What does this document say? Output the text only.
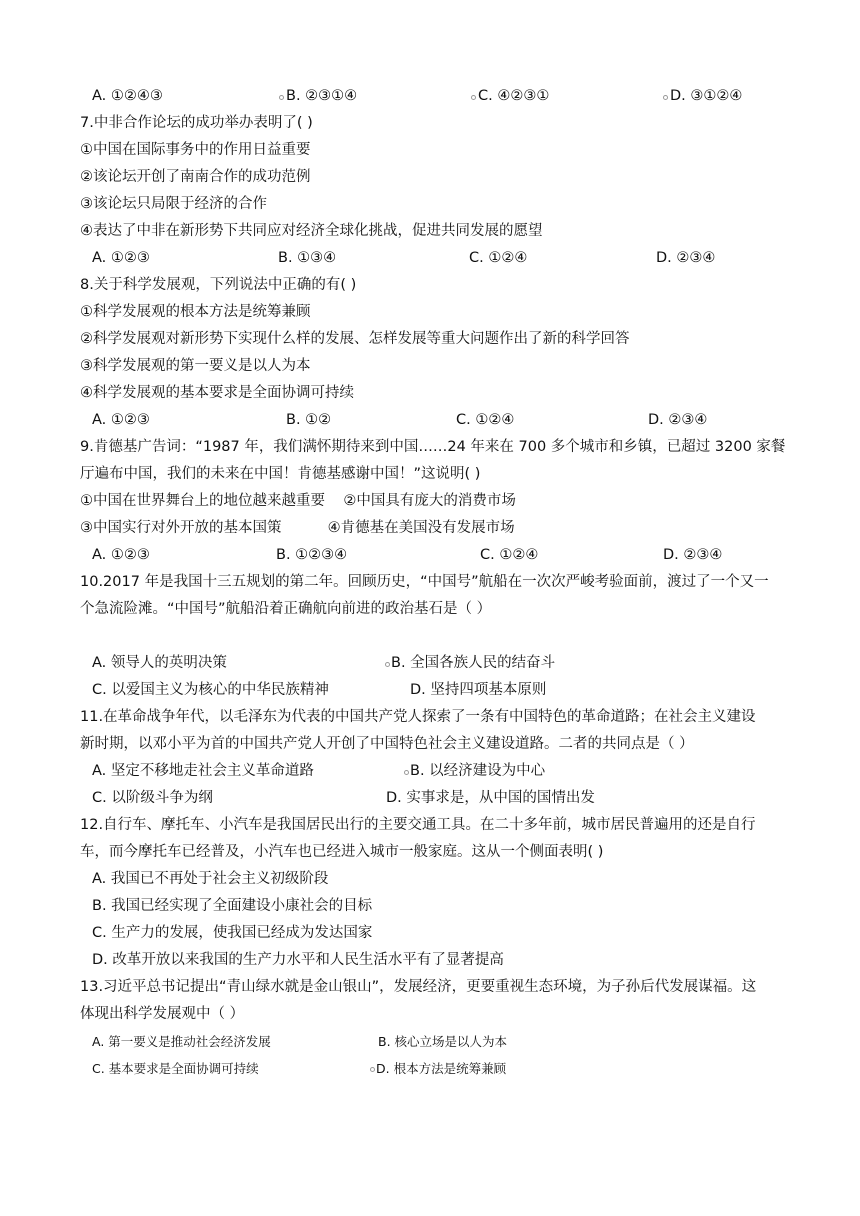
A. ①②④③	B. ②③①④	C. ④②③①	D. ③①②④
7.中非合作论坛的成功举办表明了( )
①中国在国际事务中的作用日益重要
②该论坛开创了南南合作的成功范例
③该论坛只局限于经济的合作
④表达了中非在新形势下共同应对经济全球化挑战，促进共同发展的愿望
A. ①②③	B. ①③④	C. ①②④	D. ②③④
8.关于科学发展观，下列说法中正确的有( )
①科学发展观的根本方法是统筹兼顾
②科学发展观对新形势下实现什么样的发展、怎样发展等重大问题作出了新的科学回答
③科学发展观的第一要义是以人为本
④科学发展观的基本要求是全面协调可持续
A. ①②③	B. ①②	C. ①②④	D. ②③④
9.肯德基广告词：“1987 年，我们满怀期待来到中国……24 年来在 700 多个城市和乡镇，已超过 3200 家餐
厅遍布中国，我们的未来在中国！肯德基感谢中国！”这说明( )
①中国在世界舞台上的地位越来越重要    ②中国具有庞大的消费市场
③中国实行对外开放的基本国策          ④肯德基在美国没有发展市场
A. ①②③	B. ①②③④	C. ①②④	D. ②③④
10.2017 年是我国十三五规划的第二年。回顾历史，“中国号”航船在一次次严峻考验面前，渡过了一个又一
个急流险滩。“中国号”航船沿着正确航向前进的政治基石是（ ）
A. 领导人的英明决策	B. 全国各族人民的结奋斗
C. 以爱国主义为核心的中华民族精神	D. 坚持四项基本原则
11.在革命战争年代，以毛泽东为代表的中国共产党人探索了一条有中国特色的革命道路；在社会主义建设
新时期，以邓小平为首的中国共产党人开创了中国特色社会主义建设道路。二者的共同点是（ ）
A. 坚定不移地走社会主义革命道路	B. 以经济建设为中心
C. 以阶级斗争为纲	D. 实事求是，从中国的国情出发
12.自行车、摩托车、小汽车是我国居民出行的主要交通工具。在二十多年前，城市居民普遍用的还是自行
车，而今摩托车已经普及，小汽车也已经进入城市一般家庭。这从一个侧面表明( )
A. 我国已不再处于社会主义初级阶段
B. 我国已经实现了全面建设小康社会的目标
C. 生产力的发展，使我国已经成为发达国家
D. 改革开放以来我国的生产力水平和人民生活水平有了显著提高
13.习近平总书记提出“青山绿水就是金山银山”，发展经济，更要重视生态环境，为子孙后代发展谋福。这
体现出科学发展观中（ ）
A. 第一要义是推动社会经济发展	B. 核心立场是以人为本
C. 基本要求是全面协调可持续	D. 根本方法是统筹兼顾
